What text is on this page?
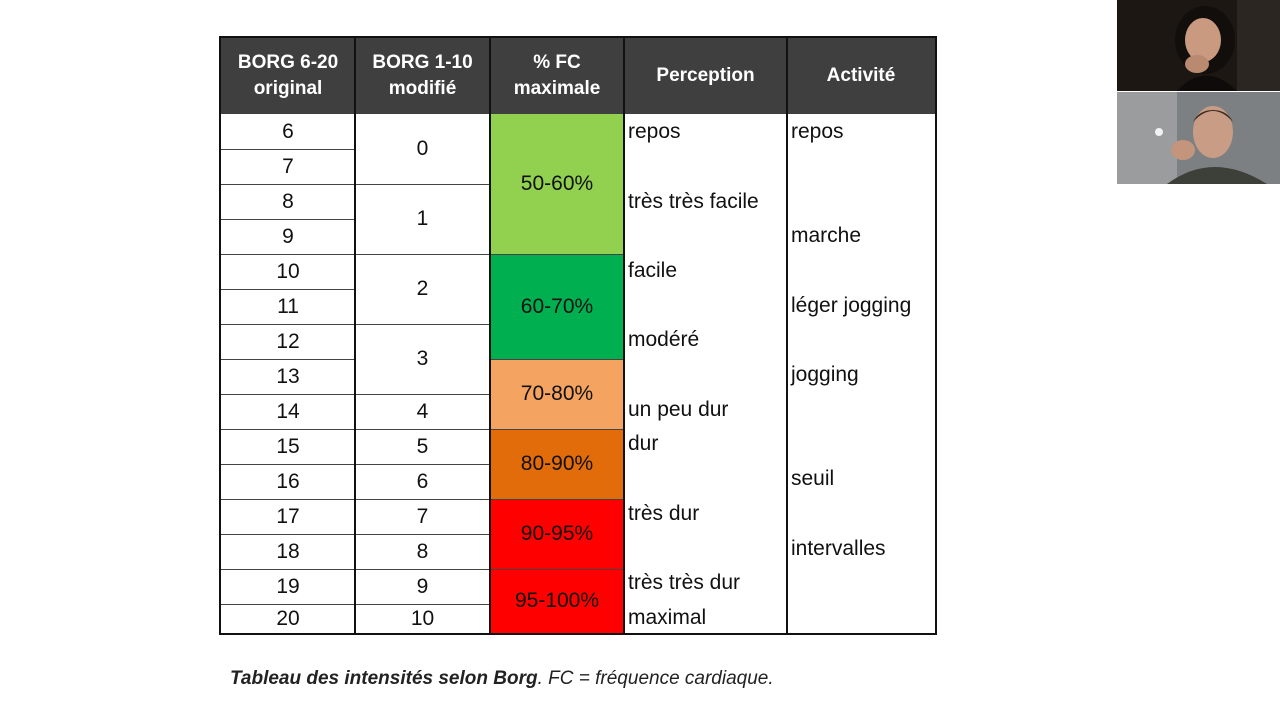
BORG 6-20
original
BORG 1-10
modifié
% FC
maximale
Perception	Activité
6
7
8
9
10
11
12
13
14
15
16
17
18
19
20
0
1
2
3
4
5
6
7
8
9
10
50-60%
60-70%
70-80%
80-90%
90-95%
95-100%
repos
très très facile
facile
modéré
un peu dur
dur
très dur
très très dur
maximal
repos
marche
léger jogging
jogging
seuil
intervalles
Tableau des intensités selon Borg. FC = fréquence cardiaque.
